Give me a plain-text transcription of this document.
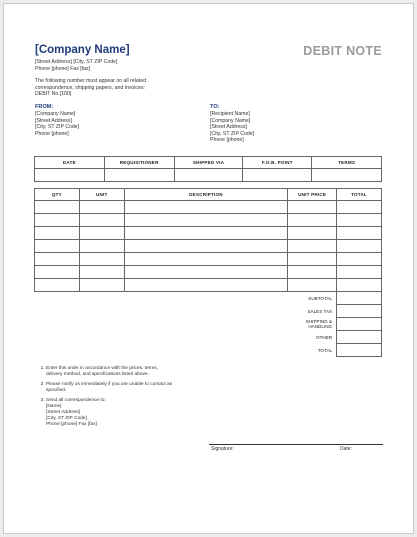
[Company Name]	DEBIT NOTE
[Street Address] [City, ST ZIP Code]
Phone [phone] Fax [fax]
The following number must appear on all related
correspondence, shipping papers, and invoices:
DEBIT No.[100]
FROM:
[Company Name]
[Street Address]
[City, ST ZIP Code]
Phone [phone]
TO:
[Recipient Name]
[Company Name]
[Street Address]
[City, ST ZIP Code]
Phone [phone]
DATE	REQUISITIONER	SHIPPED VIA	F.O.B. POINT	TERMS

QTY	UNIT	DESCRIPTION	UNIT PRICE	TOTAL

			SUBTOTAL	
			SALES TAX	
			SHIPPING & HANDLING	
			OTHER	
			TOTAL	
1. Enter this order in accordance with the prices, terms,
delivery method, and specifications listed above.
2. Please notify us immediately if you are unable to contact as
specified.
3. Send all correspondence to:
[Name]
[Street Address]
[City, ST ZIP Code]
Phone [phone] Fax [fax]
Signature:	Date:
